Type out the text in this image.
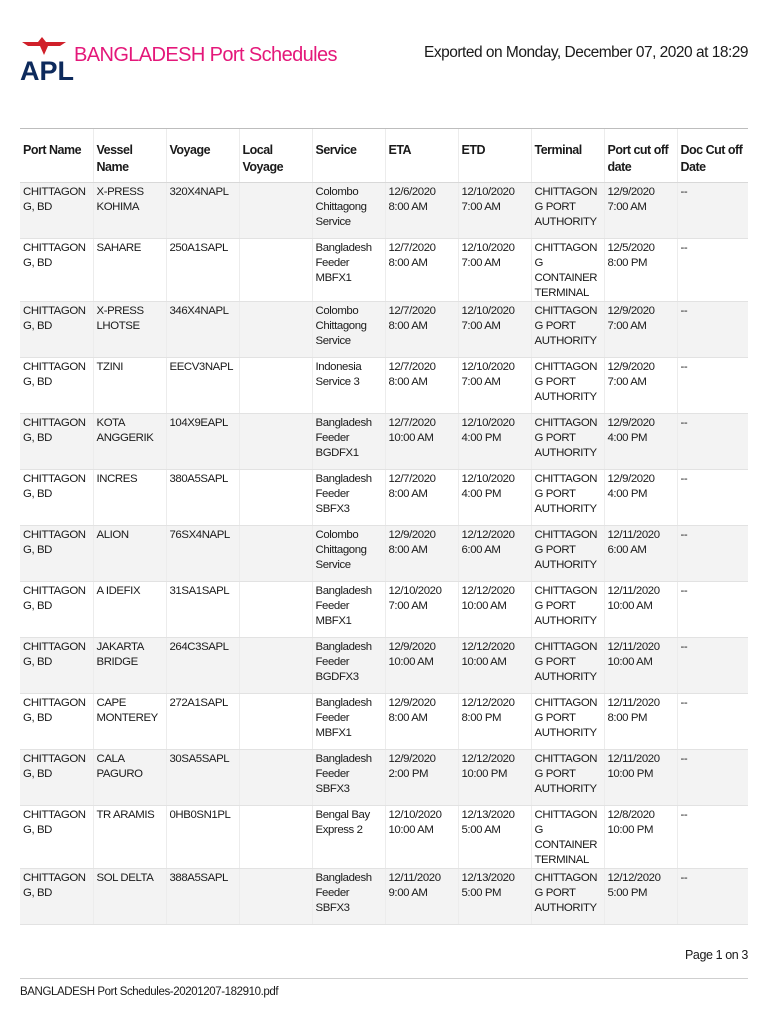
APL
BANGLADESH Port Schedules	Exported on Monday, December 07, 2020 at 18:29
Port Name	Vessel Name	Voyage	Local Voyage	Service	ETA	ETD	Terminal	Port cut off date	Doc Cut off Date
CHITTAGONG, BD	X-PRESS KOHIMA	320X4NAPL		Colombo Chittagong Service	12/6/2020 8:00 AM	12/10/2020 7:00 AM	CHITTAGONG PORT AUTHORITY	12/9/2020 7:00 AM	--
CHITTAGONG, BD	SAHARE	250A1SAPL		Bangladesh Feeder MBFX1	12/7/2020 8:00 AM	12/10/2020 7:00 AM	CHITTAGONG CONTAINER TERMINAL	12/5/2020 8:00 PM	--
CHITTAGONG, BD	X-PRESS LHOTSE	346X4NAPL		Colombo Chittagong Service	12/7/2020 8:00 AM	12/10/2020 7:00 AM	CHITTAGONG PORT AUTHORITY	12/9/2020 7:00 AM	--
CHITTAGONG, BD	TZINI	EECV3NAPL		Indonesia Service 3	12/7/2020 8:00 AM	12/10/2020 7:00 AM	CHITTAGONG PORT AUTHORITY	12/9/2020 7:00 AM	--
CHITTAGONG, BD	KOTA ANGGERIK	104X9EAPL		Bangladesh Feeder BGDFX1	12/7/2020 10:00 AM	12/10/2020 4:00 PM	CHITTAGONG PORT AUTHORITY	12/9/2020 4:00 PM	--
CHITTAGONG, BD	INCRES	380A5SAPL		Bangladesh Feeder SBFX3	12/7/2020 8:00 AM	12/10/2020 4:00 PM	CHITTAGONG PORT AUTHORITY	12/9/2020 4:00 PM	--
CHITTAGONG, BD	ALION	76SX4NAPL		Colombo Chittagong Service	12/9/2020 8:00 AM	12/12/2020 6:00 AM	CHITTAGONG PORT AUTHORITY	12/11/2020 6:00 AM	--
CHITTAGONG, BD	A IDEFIX	31SA1SAPL		Bangladesh Feeder MBFX1	12/10/2020 7:00 AM	12/12/2020 10:00 AM	CHITTAGONG PORT AUTHORITY	12/11/2020 10:00 AM	--
CHITTAGONG, BD	JAKARTA BRIDGE	264C3SAPL		Bangladesh Feeder BGDFX3	12/9/2020 10:00 AM	12/12/2020 10:00 AM	CHITTAGONG PORT AUTHORITY	12/11/2020 10:00 AM	--
CHITTAGONG, BD	CAPE MONTEREY	272A1SAPL		Bangladesh Feeder MBFX1	12/9/2020 8:00 AM	12/12/2020 8:00 PM	CHITTAGONG PORT AUTHORITY	12/11/2020 8:00 PM	--
CHITTAGONG, BD	CALA PAGURO	30SA5SAPL		Bangladesh Feeder SBFX3	12/9/2020 2:00 PM	12/12/2020 10:00 PM	CHITTAGONG PORT AUTHORITY	12/11/2020 10:00 PM	--
CHITTAGONG, BD	TR ARAMIS	0HB0SN1PL		Bengal Bay Express 2	12/10/2020 10:00 AM	12/13/2020 5:00 AM	CHITTAGONG CONTAINER TERMINAL	12/8/2020 10:00 PM	--
CHITTAGONG, BD	SOL DELTA	388A5SAPL		Bangladesh Feeder SBFX3	12/11/2020 9:00 AM	12/13/2020 5:00 PM	CHITTAGONG PORT AUTHORITY	12/12/2020 5:00 PM	--
Page 1 on 3
BANGLADESH Port Schedules-20201207-182910.pdf
